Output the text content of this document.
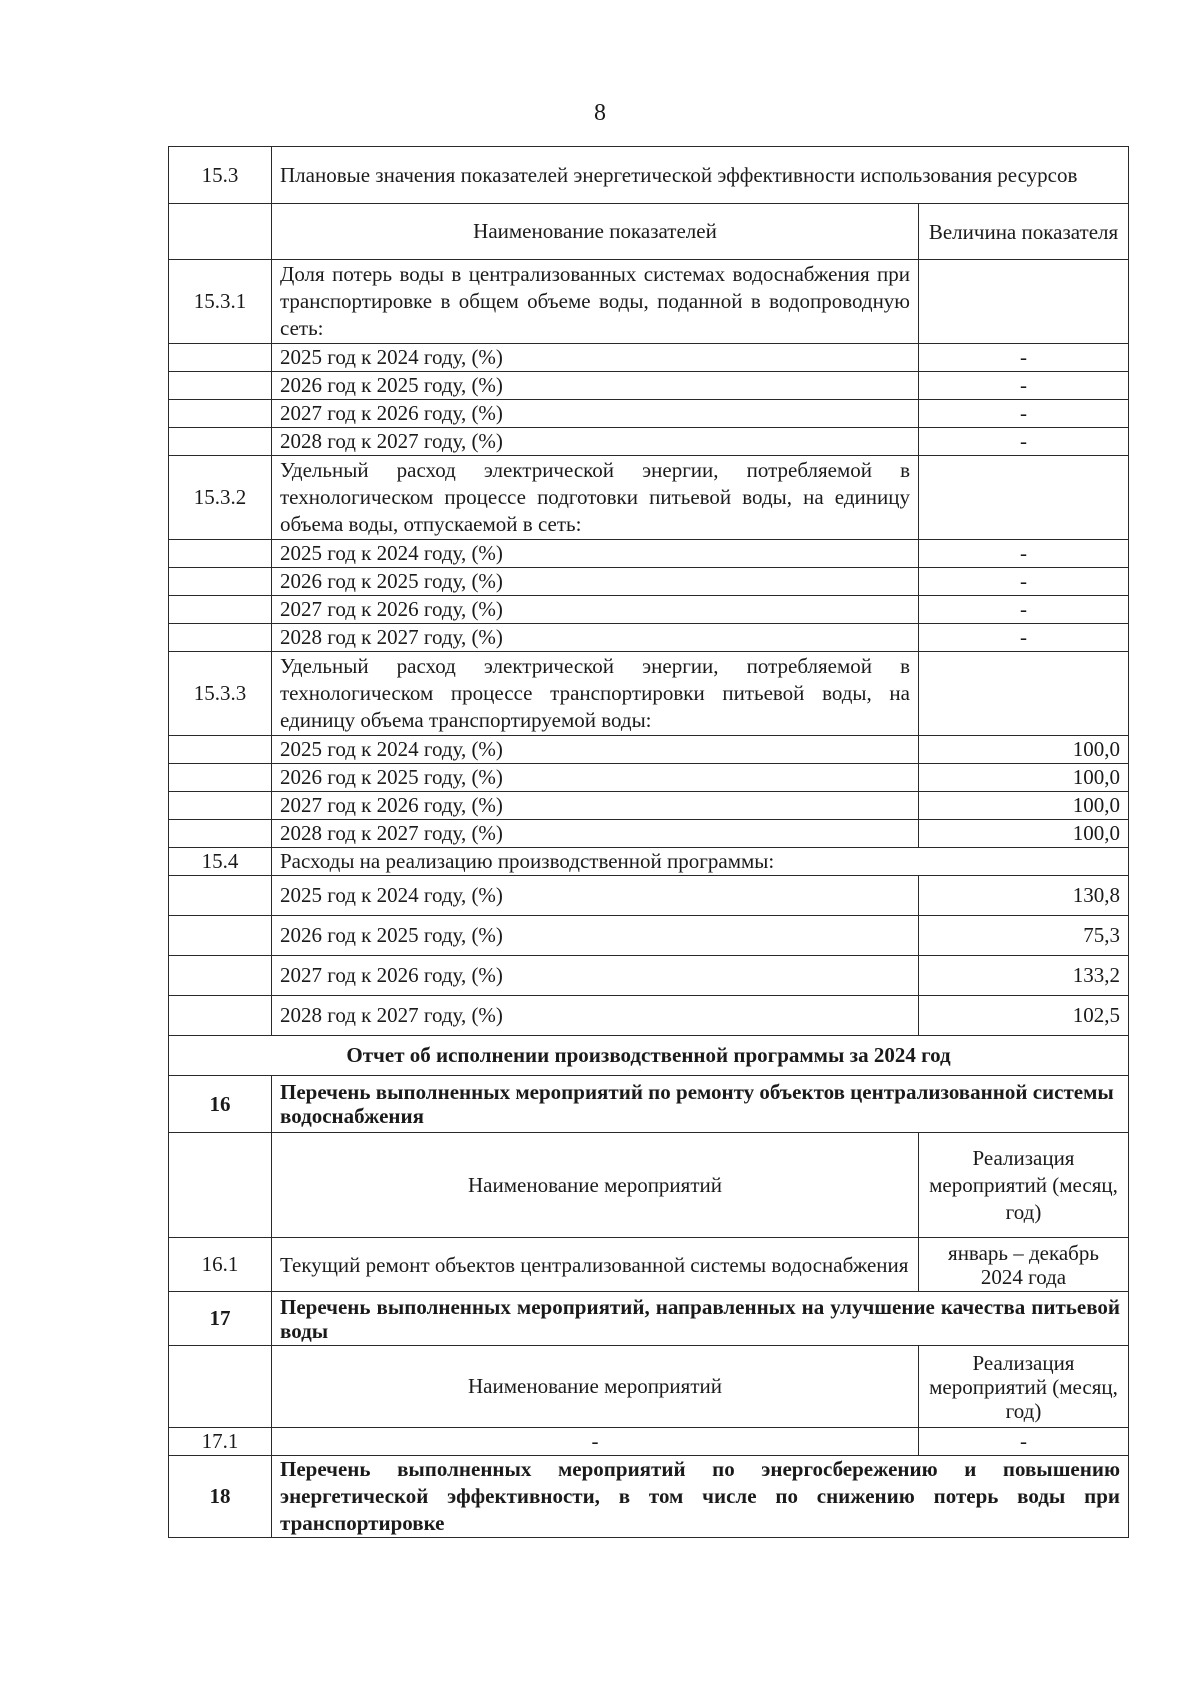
8
15.3	Плановые значения показателей энергетической эффективности использования ресурсов	
	Наименование показателей	Величина показателя
15.3.1	Доля потерь воды в централизованных системах водоснабжения при транспортировке в общем объеме воды, поданной в водопроводную сеть:	
	2025 год к 2024 году, (%)	-
	2026 год к 2025 году, (%)	-
	2027 год к 2026 году, (%)	-
	2028 год к 2027 году, (%)	-
15.3.2	Удельный расход электрической энергии, потребляемой в технологическом процессе подготовки питьевой воды, на единицу объема воды, отпускаемой в сеть:	
	2025 год к 2024 году, (%)	-
	2026 год к 2025 году, (%)	-
	2027 год к 2026 году, (%)	-
	2028 год к 2027 году, (%)	-
15.3.3	Удельный расход электрической энергии, потребляемой в технологическом процессе транспортировки питьевой воды, на единицу объема транспортируемой воды:	
	2025 год к 2024 году, (%)	100,0
	2026 год к 2025 году, (%)	100,0
	2027 год к 2026 году, (%)	100,0
	2028 год к 2027 году, (%)	100,0
15.4	Расходы на реализацию производственной программы:	
	2025 год к 2024 году, (%)	130,8
	2026 год к 2025 году, (%)	75,3
	2027 год к 2026 году, (%)	133,2
	2028 год к 2027 году, (%)	102,5
Отчет об исполнении производственной программы за 2024 год		
16	Перечень выполненных мероприятий по ремонту объектов централизованной системы водоснабжения	
	Наименование мероприятий	Реализация мероприятий (месяц, год)
16.1	Текущий ремонт объектов централизованной системы водоснабжения	январь – декабрь 2024 года
17	Перечень выполненных мероприятий, направленных на улучшение качества питьевой воды	
	Наименование мероприятий	Реализация мероприятий (месяц, год)
17.1	-	-
18	Перечень выполненных мероприятий по энергосбережению и повышению энергетической эффективности, в том числе по снижению потерь воды при транспортировке	
